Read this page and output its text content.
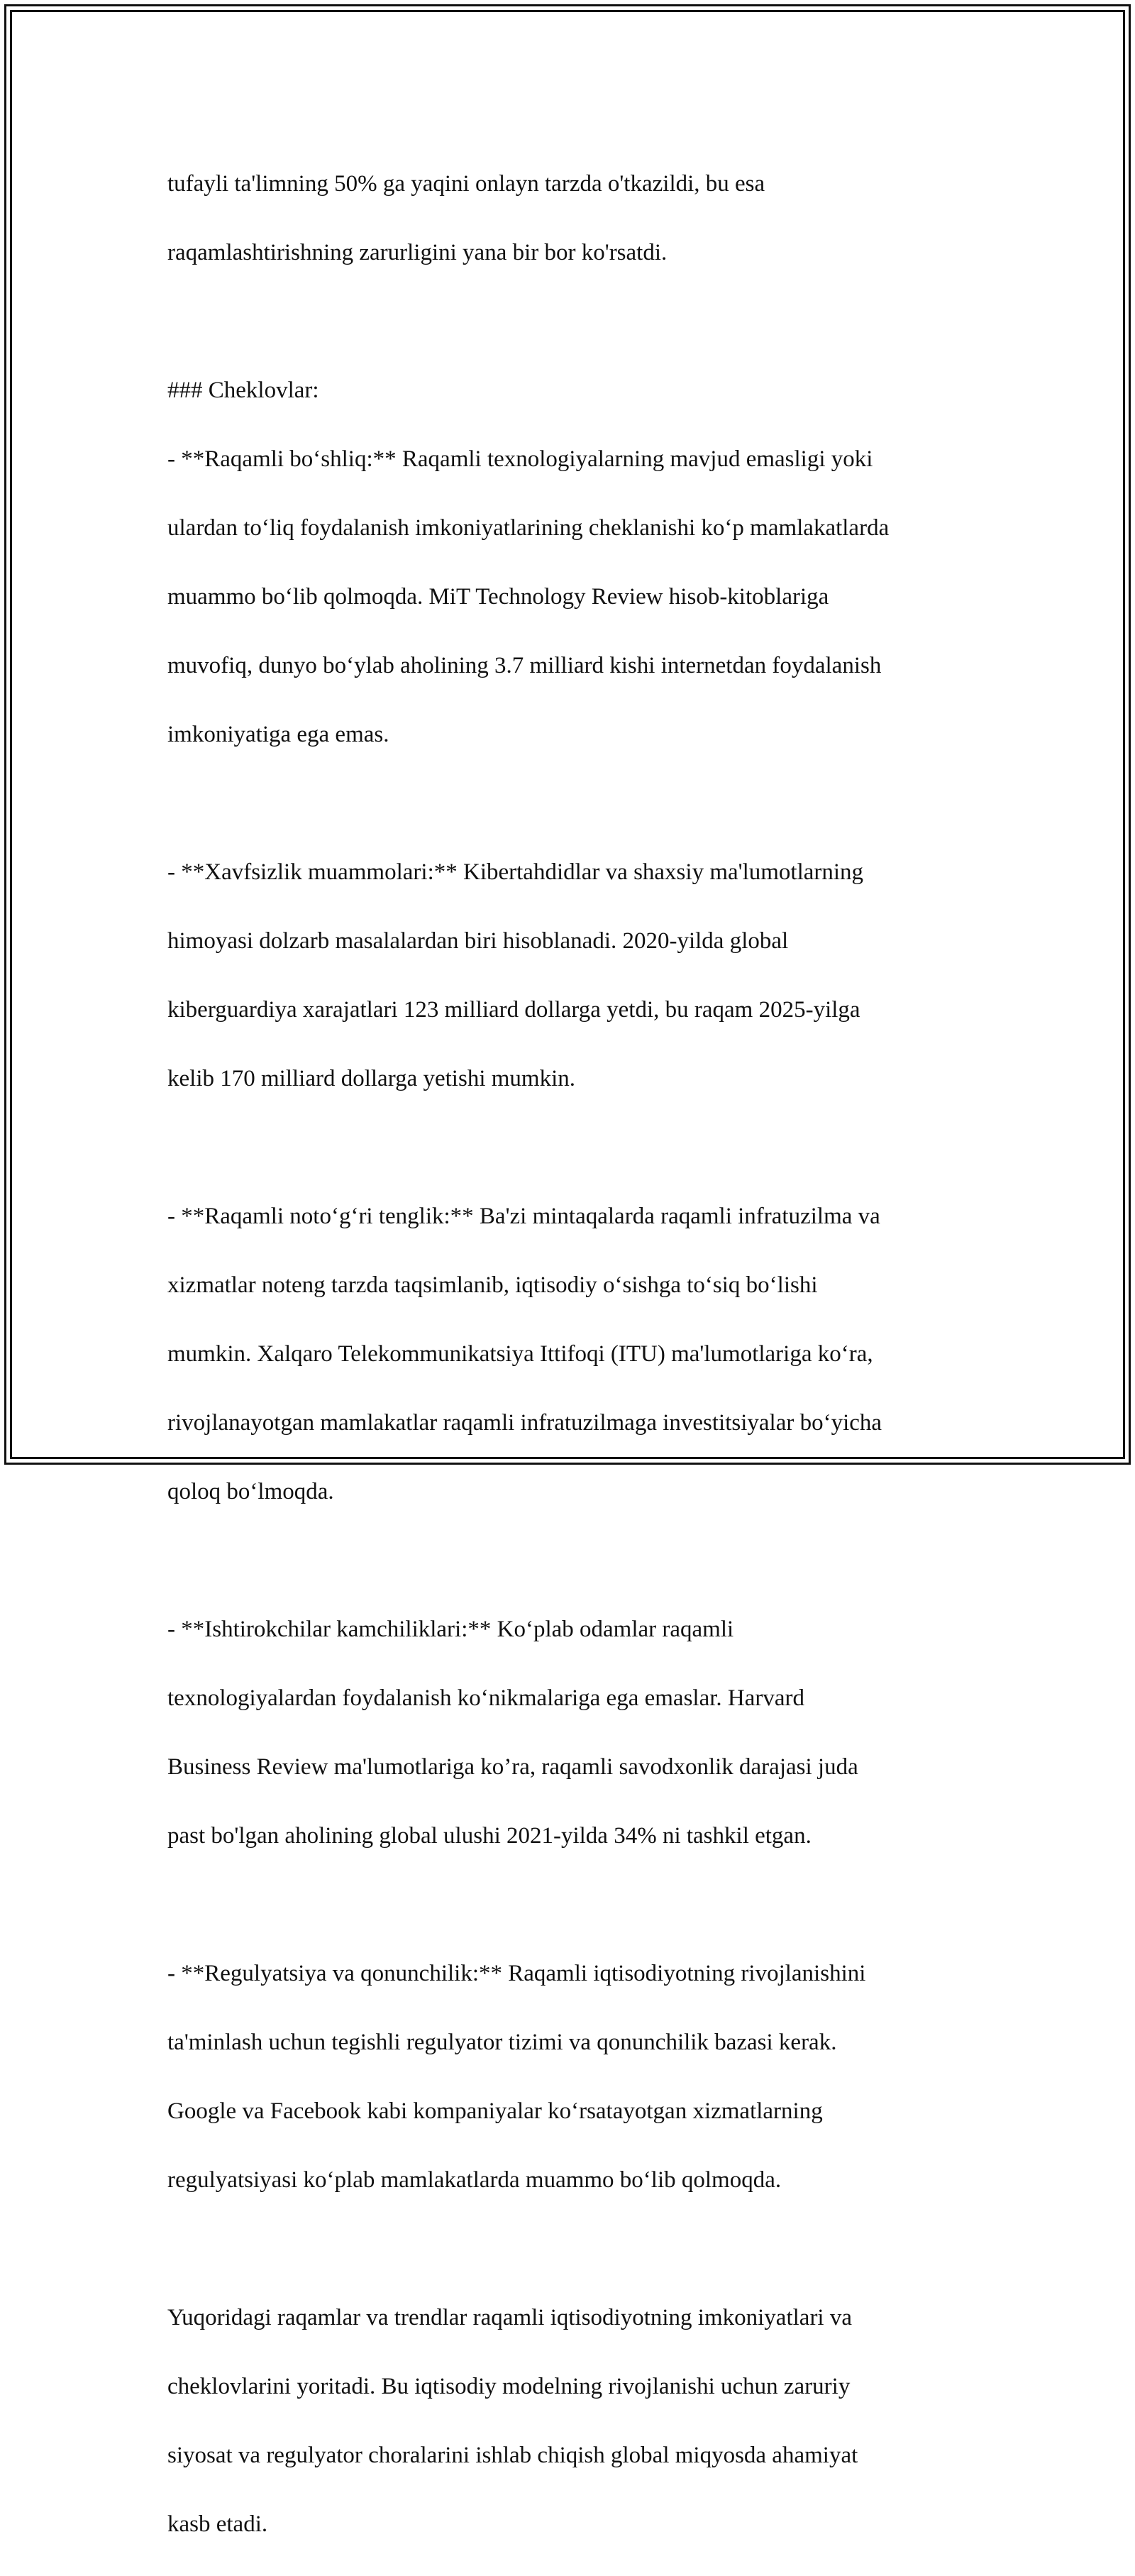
tufayli ta'limning 50% ga yaqini onlayn tarzda o'tkazildi, bu esa

raqamlashtirishning zarurligini yana bir bor ko'rsatdi.

### Cheklovlar:

- **Raqamli bo‘shliq:** Raqamli texnologiyalarning mavjud emasligi yoki

ulardan to‘liq foydalanish imkoniyatlarining cheklanishi ko‘p mamlakatlarda

muammo bo‘lib qolmoqda. MiT Technology Review hisob-kitoblariga

muvofiq, dunyo bo‘ylab aholining 3.7 milliard kishi internetdan foydalanish

imkoniyatiga ega emas.

- **Xavfsizlik muammolari:** Kibertahdidlar va shaxsiy ma'lumotlarning

himoyasi dolzarb masalalardan biri hisoblanadi. 2020-yilda global

kiberguardiya xarajatlari 123 milliard dollarga yetdi, bu raqam 2025-yilga

kelib 170 milliard dollarga yetishi mumkin.

- **Raqamli noto‘g‘ri tenglik:** Ba'zi mintaqalarda raqamli infratuzilma va

xizmatlar noteng tarzda taqsimlanib, iqtisodiy o‘sishga to‘siq bo‘lishi

mumkin. Xalqaro Telekommunikatsiya Ittifoqi (ITU) ma'lumotlariga ko‘ra,

rivojlanayotgan mamlakatlar raqamli infratuzilmaga investitsiyalar bo‘yicha

qoloq bo‘lmoqda.

- **Ishtirokchilar kamchiliklari:** Ko‘plab odamlar raqamli

texnologiyalardan foydalanish ko‘nikmalariga ega emaslar. Harvard

Business Review ma'lumotlariga ko’ra, raqamli savodxonlik darajasi juda

past bo'lgan aholining global ulushi 2021-yilda 34% ni tashkil etgan.

- **Regulyatsiya va qonunchilik:** Raqamli iqtisodiyotning rivojlanishini

ta'minlash uchun tegishli regulyator tizimi va qonunchilik bazasi kerak.

Google va Facebook kabi kompaniyalar ko‘rsatayotgan xizmatlarning

regulyatsiyasi ko‘plab mamlakatlarda muammo bo‘lib qolmoqda.

Yuqoridagi raqamlar va trendlar raqamli iqtisodiyotning imkoniyatlari va

cheklovlarini yoritadi. Bu iqtisodiy modelning rivojlanishi uchun zaruriy

siyosat va regulyator choralarini ishlab chiqish global miqyosda ahamiyat

kasb etadi.
